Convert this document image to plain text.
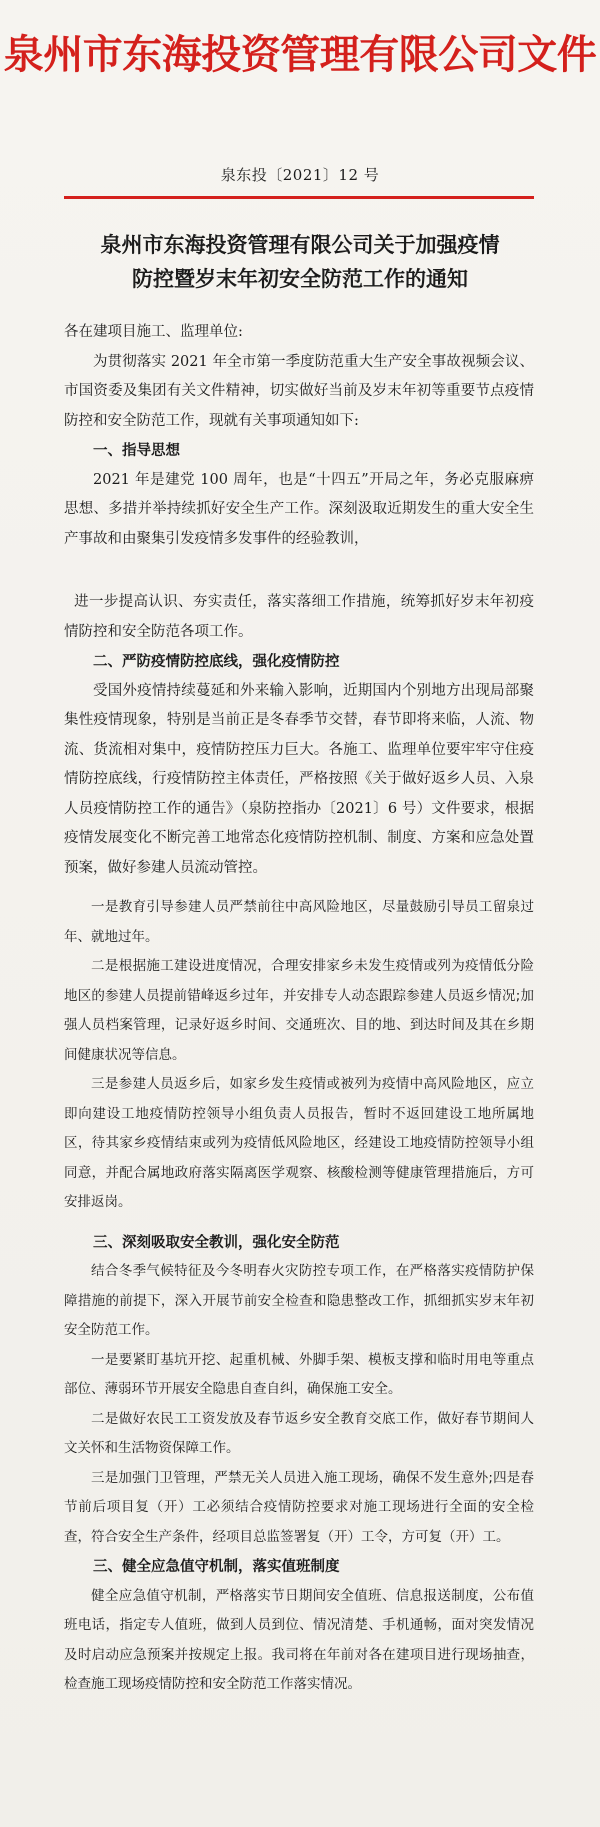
泉州市东海投资管理有限公司文件
泉东投〔2021〕12 号
泉州市东海投资管理有限公司关于加强疫情
防控暨岁末年初安全防范工作的通知

各在建项目施工、监理单位:

为贯彻落实 2021 年全市第一季度防范重大生产安全事故视频会议、市国资委及集团有关文件精神，切实做好当前及岁末年初等重要节点疫情防控和安全防范工作，现就有关事项通知如下:

一、指导思想

2021 年是建党 100 周年，也是“十四五”开局之年，务必克服麻痹思想、多措并举持续抓好安全生产工作。深刻汲取近期发生的重大安全生产事故和由聚集引发疫情多发事件的经验教训，

进一步提高认识、夯实责任，落实落细工作措施，统筹抓好岁末年初疫情防控和安全防范各项工作。

二、严防疫情防控底线，强化疫情防控

受国外疫情持续蔓延和外来输入影响，近期国内个别地方出现局部聚集性疫情现象，特别是当前正是冬春季节交替，春节即将来临，人流、物流、货流相对集中，疫情防控压力巨大。各施工、监理单位要牢牢守住疫情防控底线，行疫情防控主体责任，严格按照《关于做好返乡人员、入泉人员疫情防控工作的通告》（泉防控指办〔2021〕6 号）文件要求，根据疫情发展变化不断完善工地常态化疫情防控机制、制度、方案和应急处置预案，做好参建人员流动管控。

一是教育引导参建人员严禁前往中高风险地区，尽量鼓励引导员工留泉过年、就地过年。

二是根据施工建设进度情况，合理安排家乡未发生疫情或列为疫情低分险地区的参建人员提前错峰返乡过年，并安排专人动态跟踪参建人员返乡情况;加强人员档案管理，记录好返乡时间、交通班次、目的地、到达时间及其在乡期间健康状况等信息。

三是参建人员返乡后，如家乡发生疫情或被列为疫情中高风险地区，应立即向建设工地疫情防控领导小组负责人员报告，暂时不返回建设工地所属地区，待其家乡疫情结束或列为疫情低风险地区，经建设工地疫情防控领导小组同意，并配合属地政府落实隔离医学观察、核酸检测等健康管理措施后，方可安排返岗。

三、深刻吸取安全教训，强化安全防范

结合冬季气候特征及今冬明春火灾防控专项工作，在严格落实疫情防护保障措施的前提下，深入开展节前安全检查和隐患整改工作，抓细抓实岁末年初安全防范工作。

一是要紧盯基坑开挖、起重机械、外脚手架、模板支撑和临时用电等重点部位、薄弱环节开展安全隐患自查自纠，确保施工安全。

二是做好农民工工资发放及春节返乡安全教育交底工作，做好春节期间人文关怀和生活物资保障工作。

三是加强门卫管理，严禁无关人员进入施工现场，确保不发生意外;四是春节前后项目复（开）工必须结合疫情防控要求对施工现场进行全面的安全检查，符合安全生产条件，经项目总监签署复（开）工令，方可复（开）工。

三、健全应急值守机制，落实值班制度

健全应急值守机制，严格落实节日期间安全值班、信息报送制度，公布值班电话，指定专人值班，做到人员到位、情况清楚、手机通畅，面对突发情况及时启动应急预案并按规定上报。我司将在年前对各在建项目进行现场抽查，检查施工现场疫情防控和安全防范工作落实情况。
